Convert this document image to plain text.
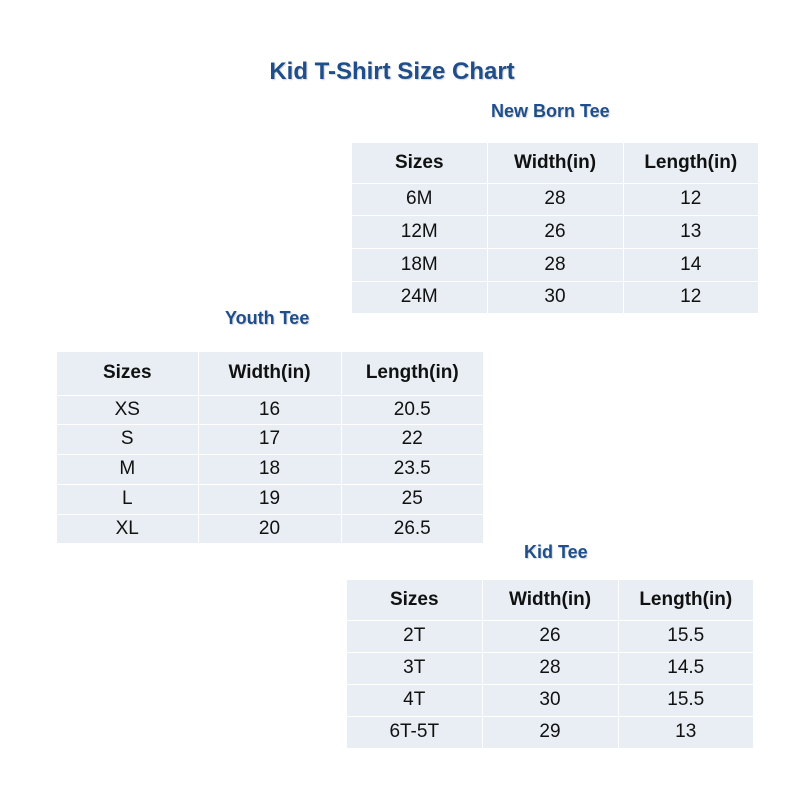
Kid T-Shirt Size Chart
New Born Tee
Sizes	Width(in)	Length(in)
6M	28	12
12M	26	13
18M	28	14
24M	30	12
Youth Tee
Sizes	Width(in)	Length(in)
XS	16	20.5
S	17	22
M	18	23.5
L	19	25
XL	20	26.5
Kid Tee
Sizes	Width(in)	Length(in)
2T	26	15.5
3T	28	14.5
4T	30	15.5
6T-5T	29	13
